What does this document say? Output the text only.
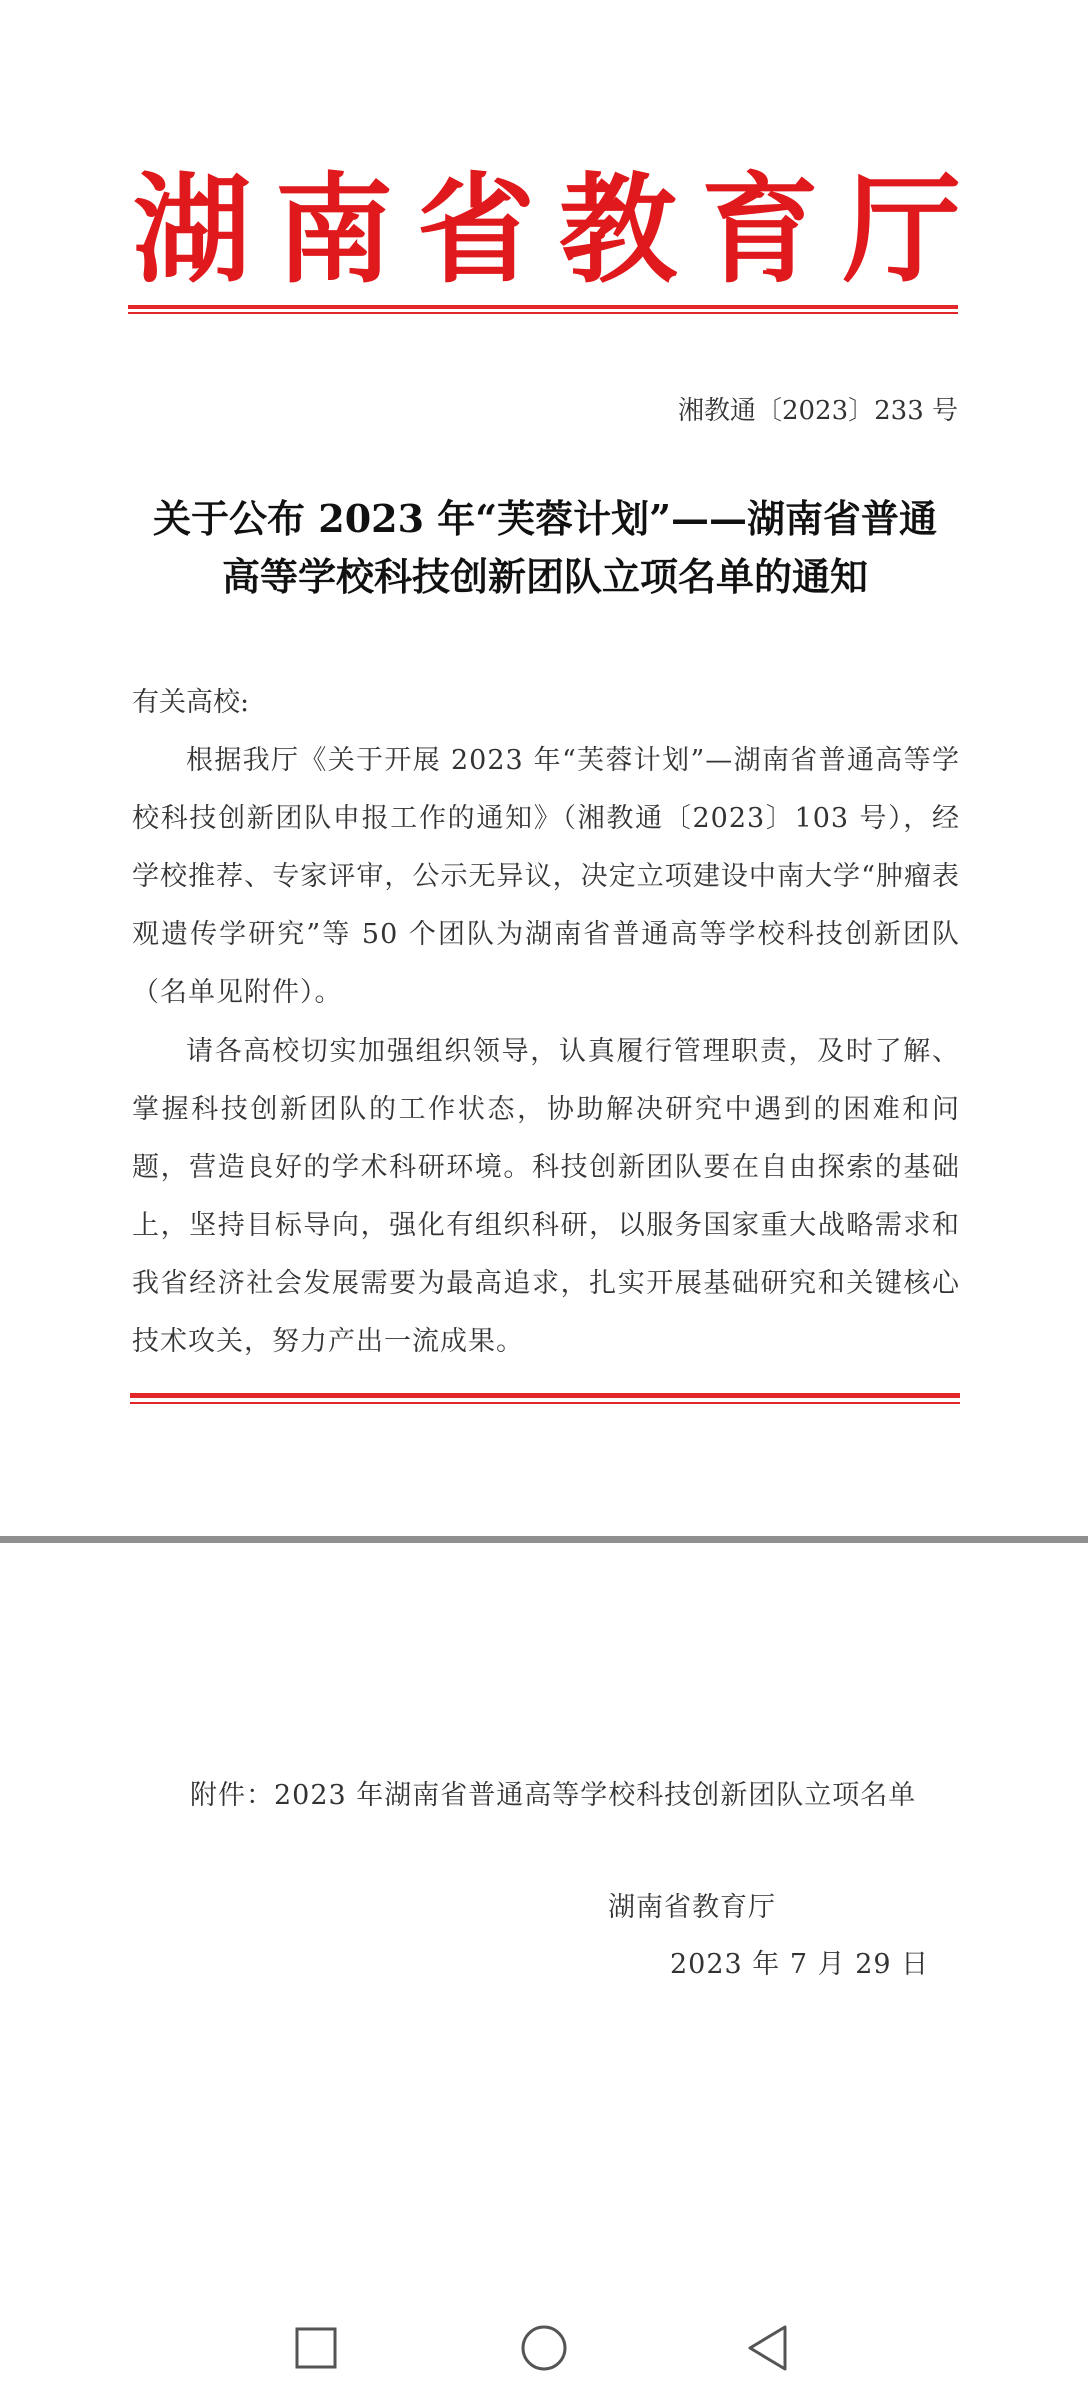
湖 南 省 教 育 厅
湘教通〔2023〕233 号
关于公布 2023 年“芙蓉计划”——湖南省普通
高等学校科技创新团队立项名单的通知
有关高校:

根据我厅《关于开展 2023 年“芙蓉计划”—湖南省普通高等学校科技创新团队申报工作的通知》（湘教通〔2023〕103 号），经学校推荐、专家评审，公示无异议，决定立项建设中南大学“肿瘤表观遗传学研究”等 50 个团队为湖南省普通高等学校科技创新团队（名单见附件）。

请各高校切实加强组织领导，认真履行管理职责，及时了解、掌握科技创新团队的工作状态，协助解决研究中遇到的困难和问题，营造良好的学术科研环境。科技创新团队要在自由探索的基础上，坚持目标导向，强化有组织科研，以服务国家重大战略需求和我省经济社会发展需要为最高追求，扎实开展基础研究和关键核心技术攻关，努力产出一流成果。

附件：2023 年湖南省普通高等学校科技创新团队立项名单
湖南省教育厅
2023 年 7 月 29 日
